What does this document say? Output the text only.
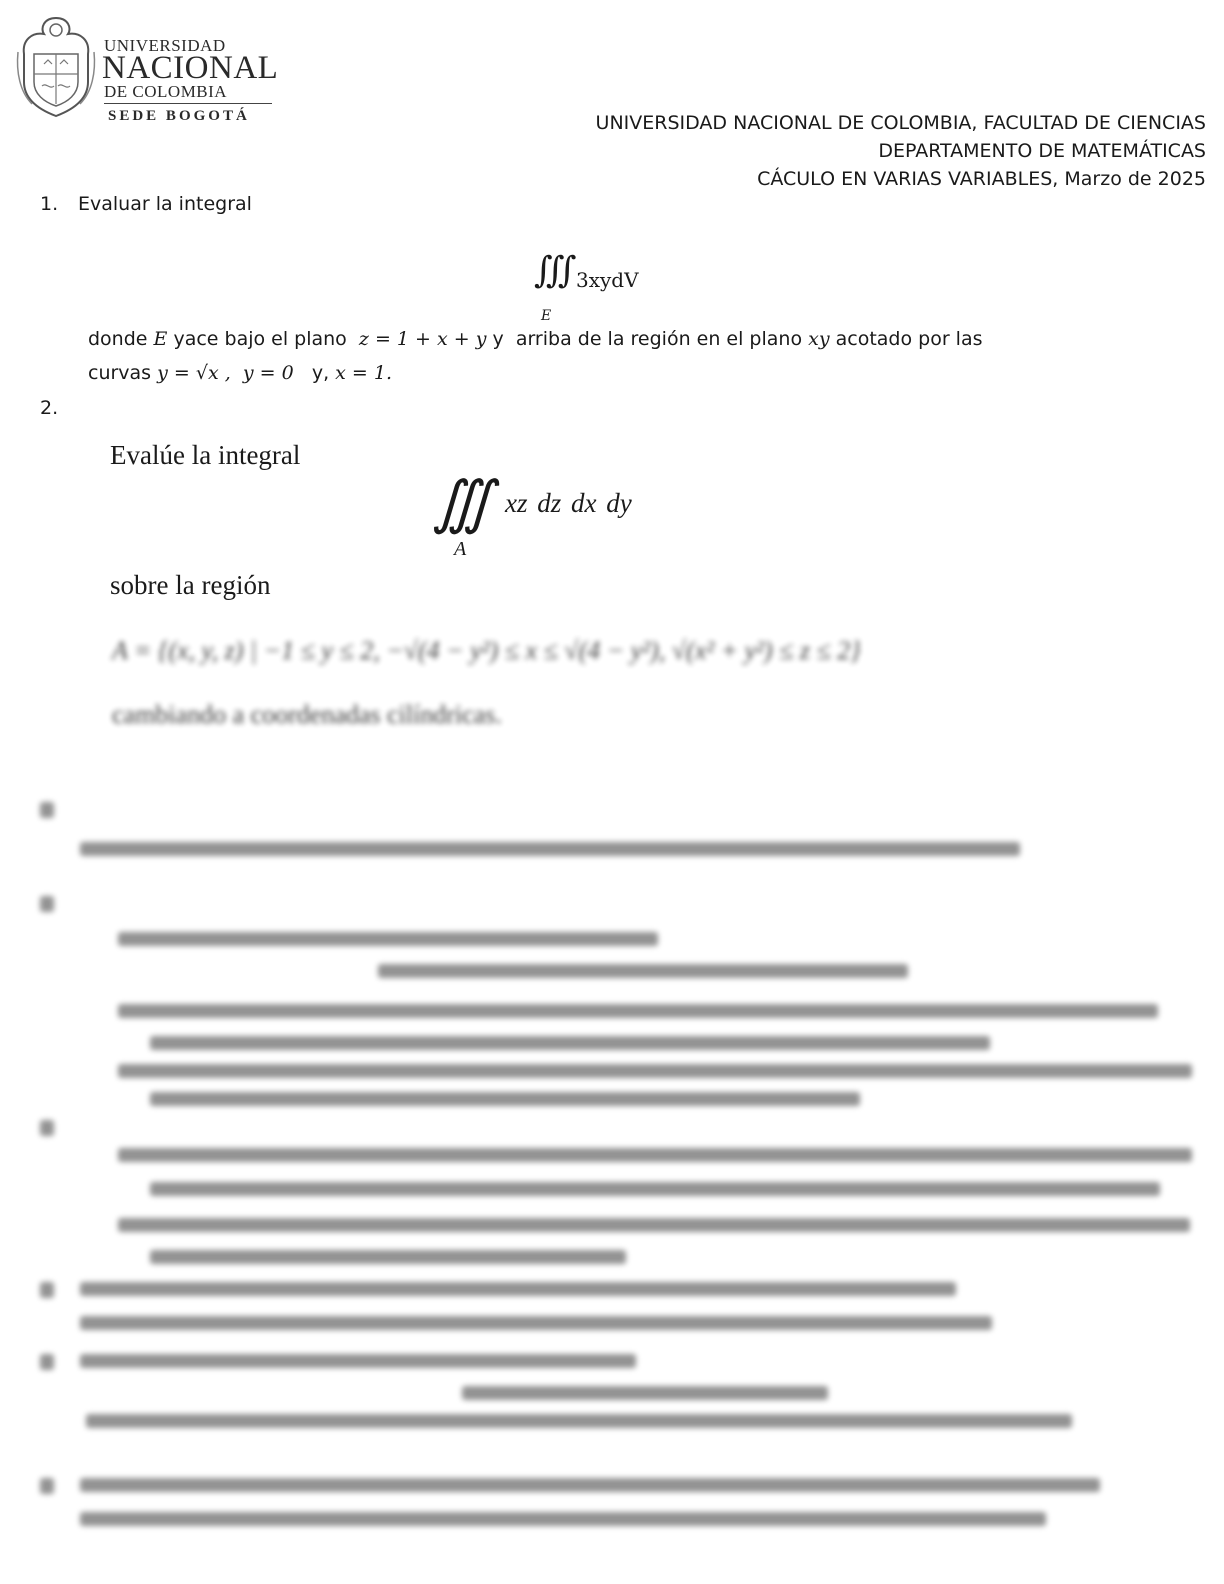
UNIVERSIDAD
NACIONAL
DE COLOMBIA
SEDE BOGOTÁ	UNIVERSIDAD NACIONAL DE COLOMBIA, FACULTAD DE CIENCIAS
DEPARTAMENTO DE MATEMÁTICAS
CÁCULO EN VARIAS VARIABLES, Marzo de 2025
1. Evaluar la integral
∭ 3xydV
E
donde E yace bajo el plano  z = 1 + x + y y  arriba de la región en el plano xy acotado por las
curvas y = √x , y = 0 y, x = 1.
2.
Evalúe la integral
∭ xz dz dx dy
A
sobre la región
A = {(x, y, z) | −1 ≤ y ≤ 2, −√(4 − y²) ≤ x ≤ √(4 − y²), √(x² + y²) ≤ z ≤ 2}
cambiando a coordenadas cilíndricas.
